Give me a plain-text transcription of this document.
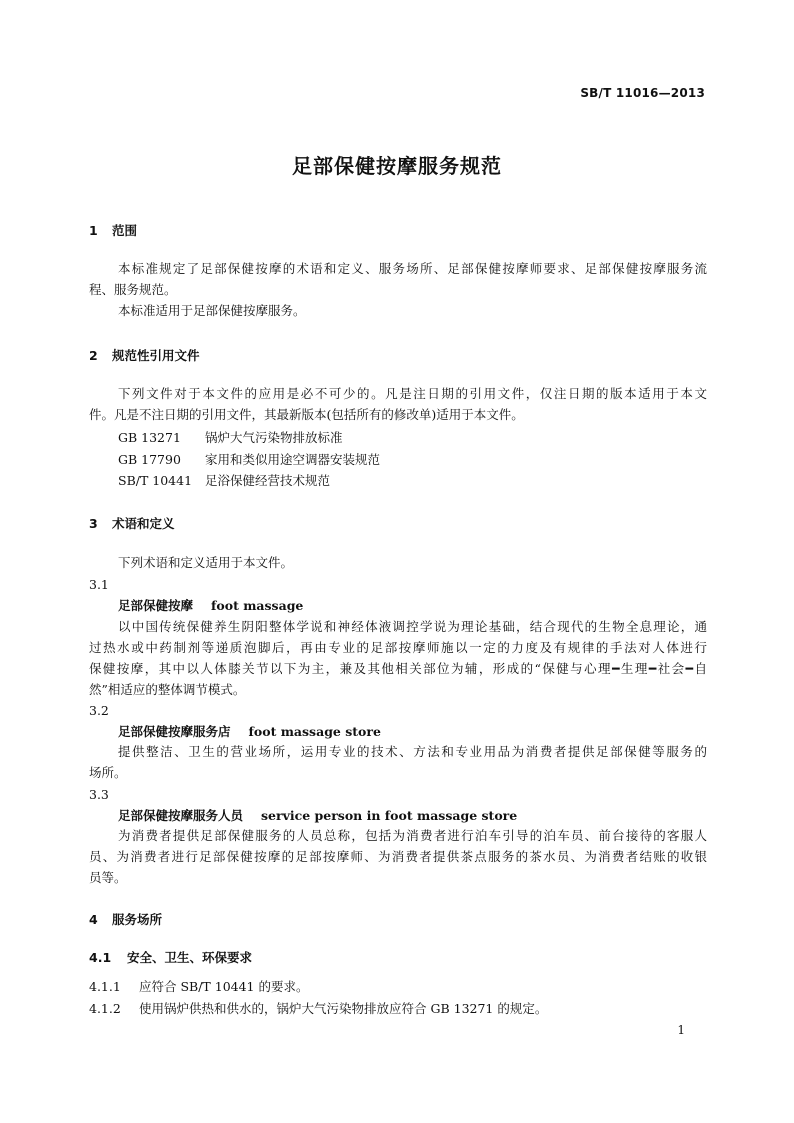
SB/T 11016—2013
足部保健按摩服务规范
1 范围
本标准规定了足部保健按摩的术语和定义、服务场所、足部保健按摩师要求、足部保健按摩服务流
程、服务规范。
本标准适用于足部保健按摩服务。
2 规范性引用文件
下列文件对于本文件的应用是必不可少的。凡是注日期的引用文件，仅注日期的版本适用于本文
件。凡是不注日期的引用文件，其最新版本(包括所有的修改单)适用于本文件。
GB 13271 锅炉大气污染物排放标准
GB 17790 家用和类似用途空调器安装规范
SB/T 10441 足浴保健经营技术规范
3 术语和定义
下列术语和定义适用于本文件。
3.1
足部保健按摩 foot massage
以中国传统保健养生阴阳整体学说和神经体液调控学说为理论基础，结合现代的生物全息理论，通
过热水或中药制剂等递质泡脚后，再由专业的足部按摩师施以一定的力度及有规律的手法对人体进行
保健按摩，其中以人体膝关节以下为主，兼及其他相关部位为辅，形成的“保健与心理━生理━社会━自
然”相适应的整体调节模式。
3.2
足部保健按摩服务店 foot massage store
提供整洁、卫生的营业场所，运用专业的技术、方法和专业用品为消费者提供足部保健等服务的
场所。
3.3
足部保健按摩服务人员 service person in foot massage store
为消费者提供足部保健服务的人员总称，包括为消费者进行泊车引导的泊车员、前台接待的客服人
员、为消费者进行足部保健按摩的足部按摩师、为消费者提供茶点服务的茶水员、为消费者结账的收银
员等。
4 服务场所
4.1 安全、卫生、环保要求
4.1.1 应符合 SB/T 10441 的要求。
4.1.2 使用锅炉供热和供水的，锅炉大气污染物排放应符合 GB 13271 的规定。
1
